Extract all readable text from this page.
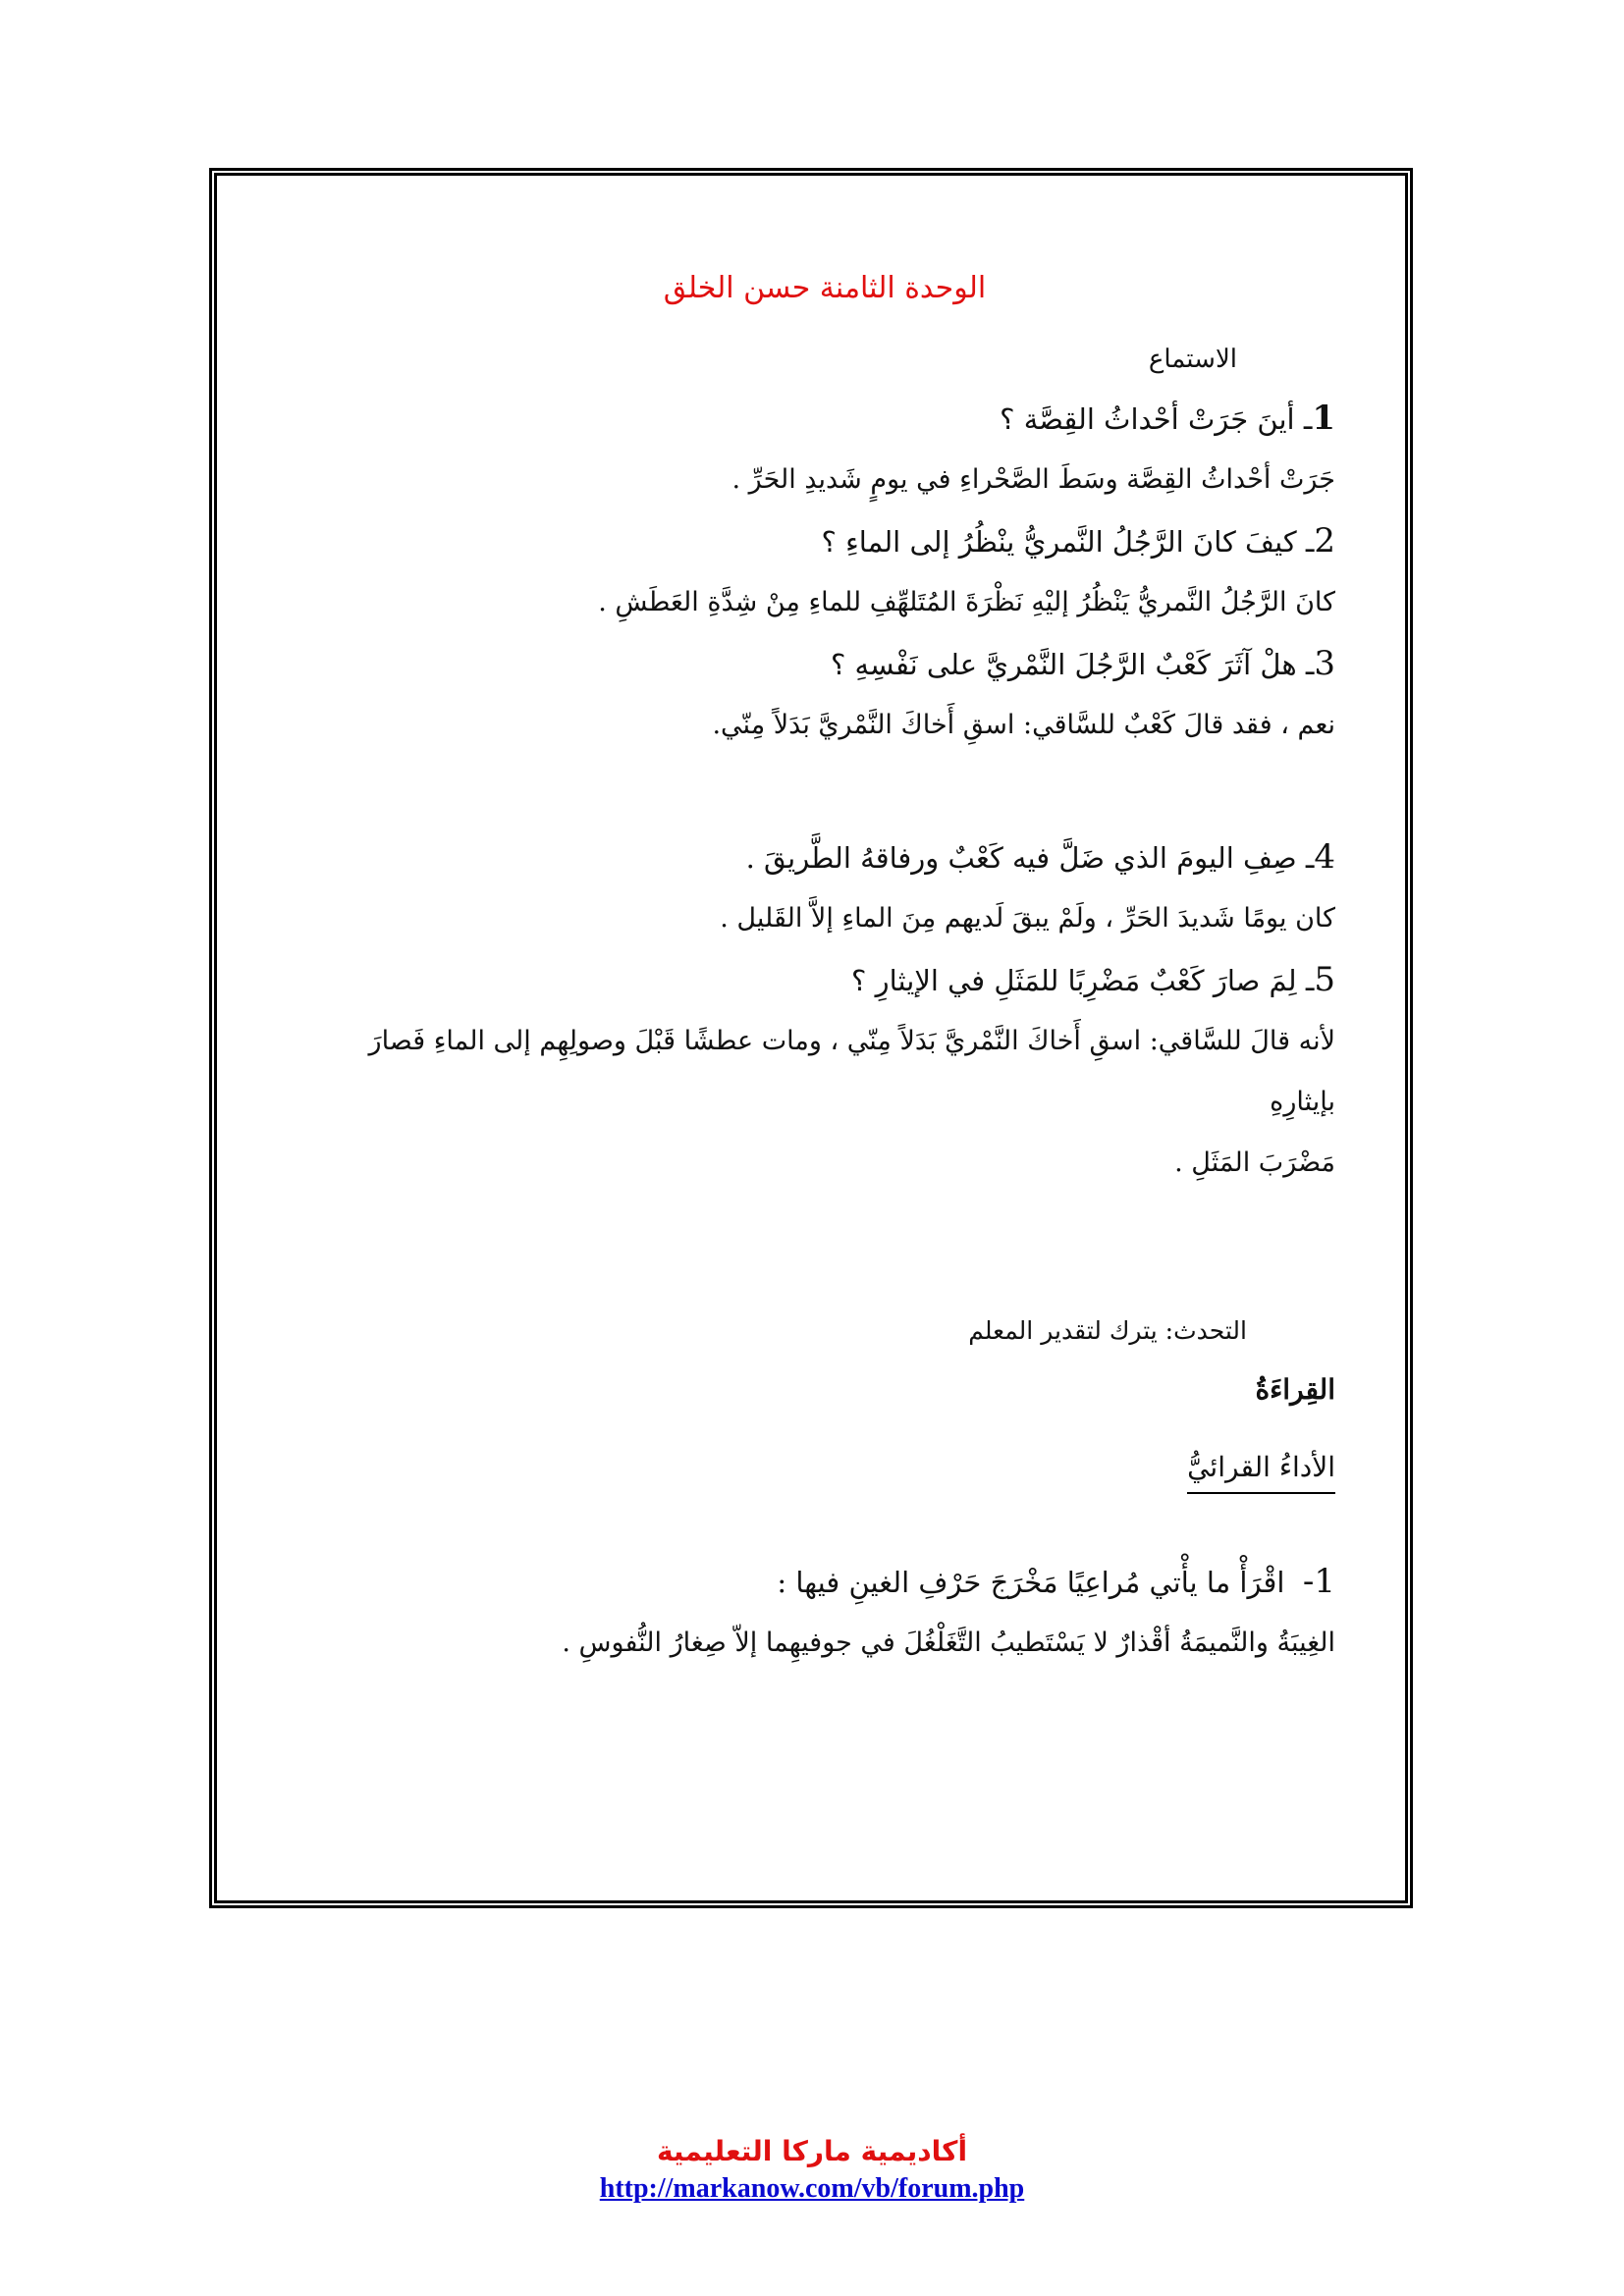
الوحدة الثامنة حسن الخلق
الاستماع
1ـ أينَ جَرَتْ أحْداثُ القِصَّة ؟
جَرَتْ أحْداثُ القِصَّة وسَطَ الصَّحْراءِ في يومٍ شَديدِ الحَرِّ .
2ـ كيفَ كانَ الرَّجُلُ النَّمريُّ ينْظُرُ إلى الماءِ ؟
كانَ الرَّجُلُ النَّمريُّ يَنْظُرُ إليْهِ نَظْرَةَ المُتَلهِّفِ للماءِ مِنْ شِدَّةِ العَطَشِ .
3ـ هلْ آثَرَ كَعْبٌ الرَّجُلَ النَّمْريَّ على نَفْسِهِ ؟
نعم ، فقد قالَ كَعْبٌ للسَّاقي: اسقِ أَخاكَ النَّمْريَّ بَدَلاً مِنّي.
4ـ صِفِ اليومَ الذي ضَلَّ فيه كَعْبٌ ورفاقهُ الطَّريقَ .
كان يومًا شَديدَ الحَرِّ ، ولَمْ يبقَ لَديهم مِنَ الماءِ إلاَّ القَليل .
5ـ لِمَ صارَ كَعْبٌ مَضْرِبًا للمَثَلِ في الإيثارِ ؟
لأنه قالَ للسَّاقي: اسقِ أَخاكَ النَّمْريَّ بَدَلاً مِنّي ، ومات عطشًا قَبْلَ وصولِهِم إلى الماءِ فَصارَ بإيثارِهِ
مَضْرَبَ المَثَلِ .
التحدث: يترك لتقدير المعلم
القِراءَةُ
الأداءُ القرائيُّ
1-  اقْرَأْ ما يأْتي مُراعِيًا مَخْرَجَ حَرْفِ الغينِ فيها :
الغِيبَةُ والنَّميمَةُ أقْذارٌ لا يَسْتَطيبُ التَّغَلْغُلَ في جوفيهِما إلاّ صِغارُ النُّفوسِ .
أكاديمية ماركا التعليمية
http://markanow.com/vb/forum.php
